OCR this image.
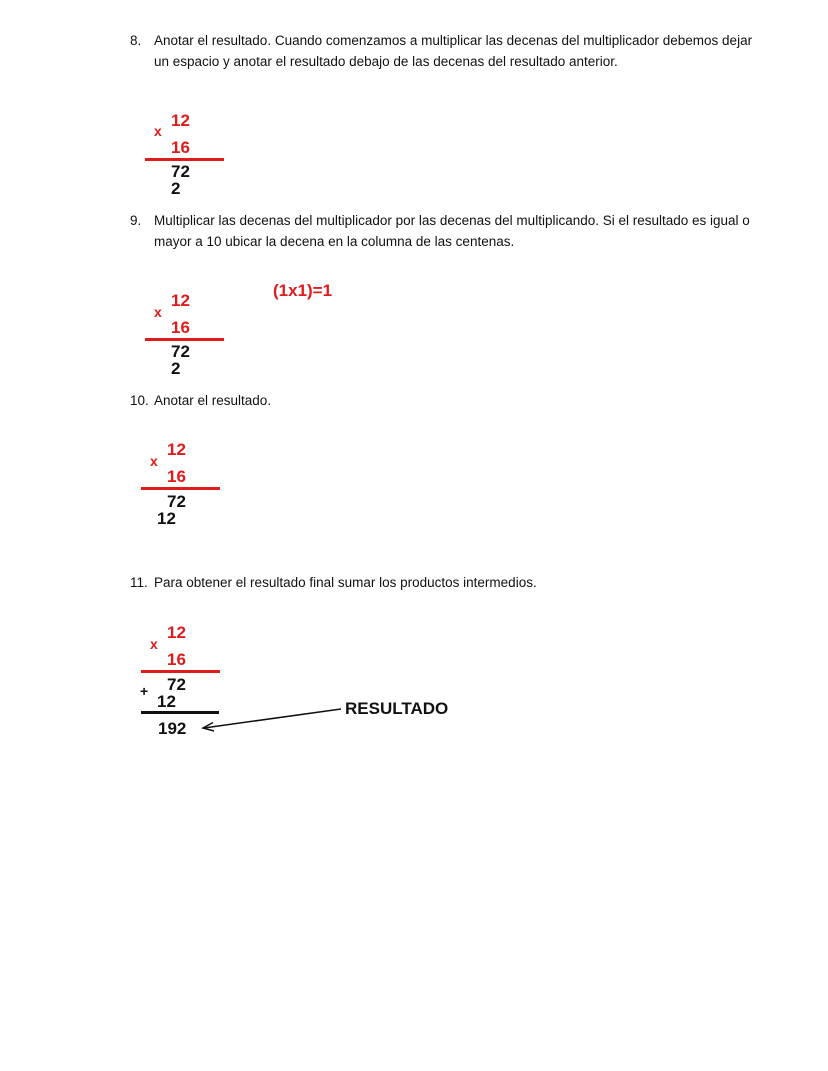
8. Anotar el resultado. Cuando comenzamos a multiplicar las decenas del multiplicador debemos dejar un espacio y anotar el resultado debajo de las decenas del resultado anterior.
12
x
16
72
2
9. Multiplicar las decenas del multiplicador por las decenas del multiplicando. Si el resultado es igual o mayor a 10 ubicar la decena en la columna de las centenas.
12
x
16
72
2
(1x1)=1
10. Anotar el resultado.
12
x
16
72
12
11. Para obtener el resultado final sumar los productos intermedios.
12
x
16
+ 72
12
192
RESULTADO
